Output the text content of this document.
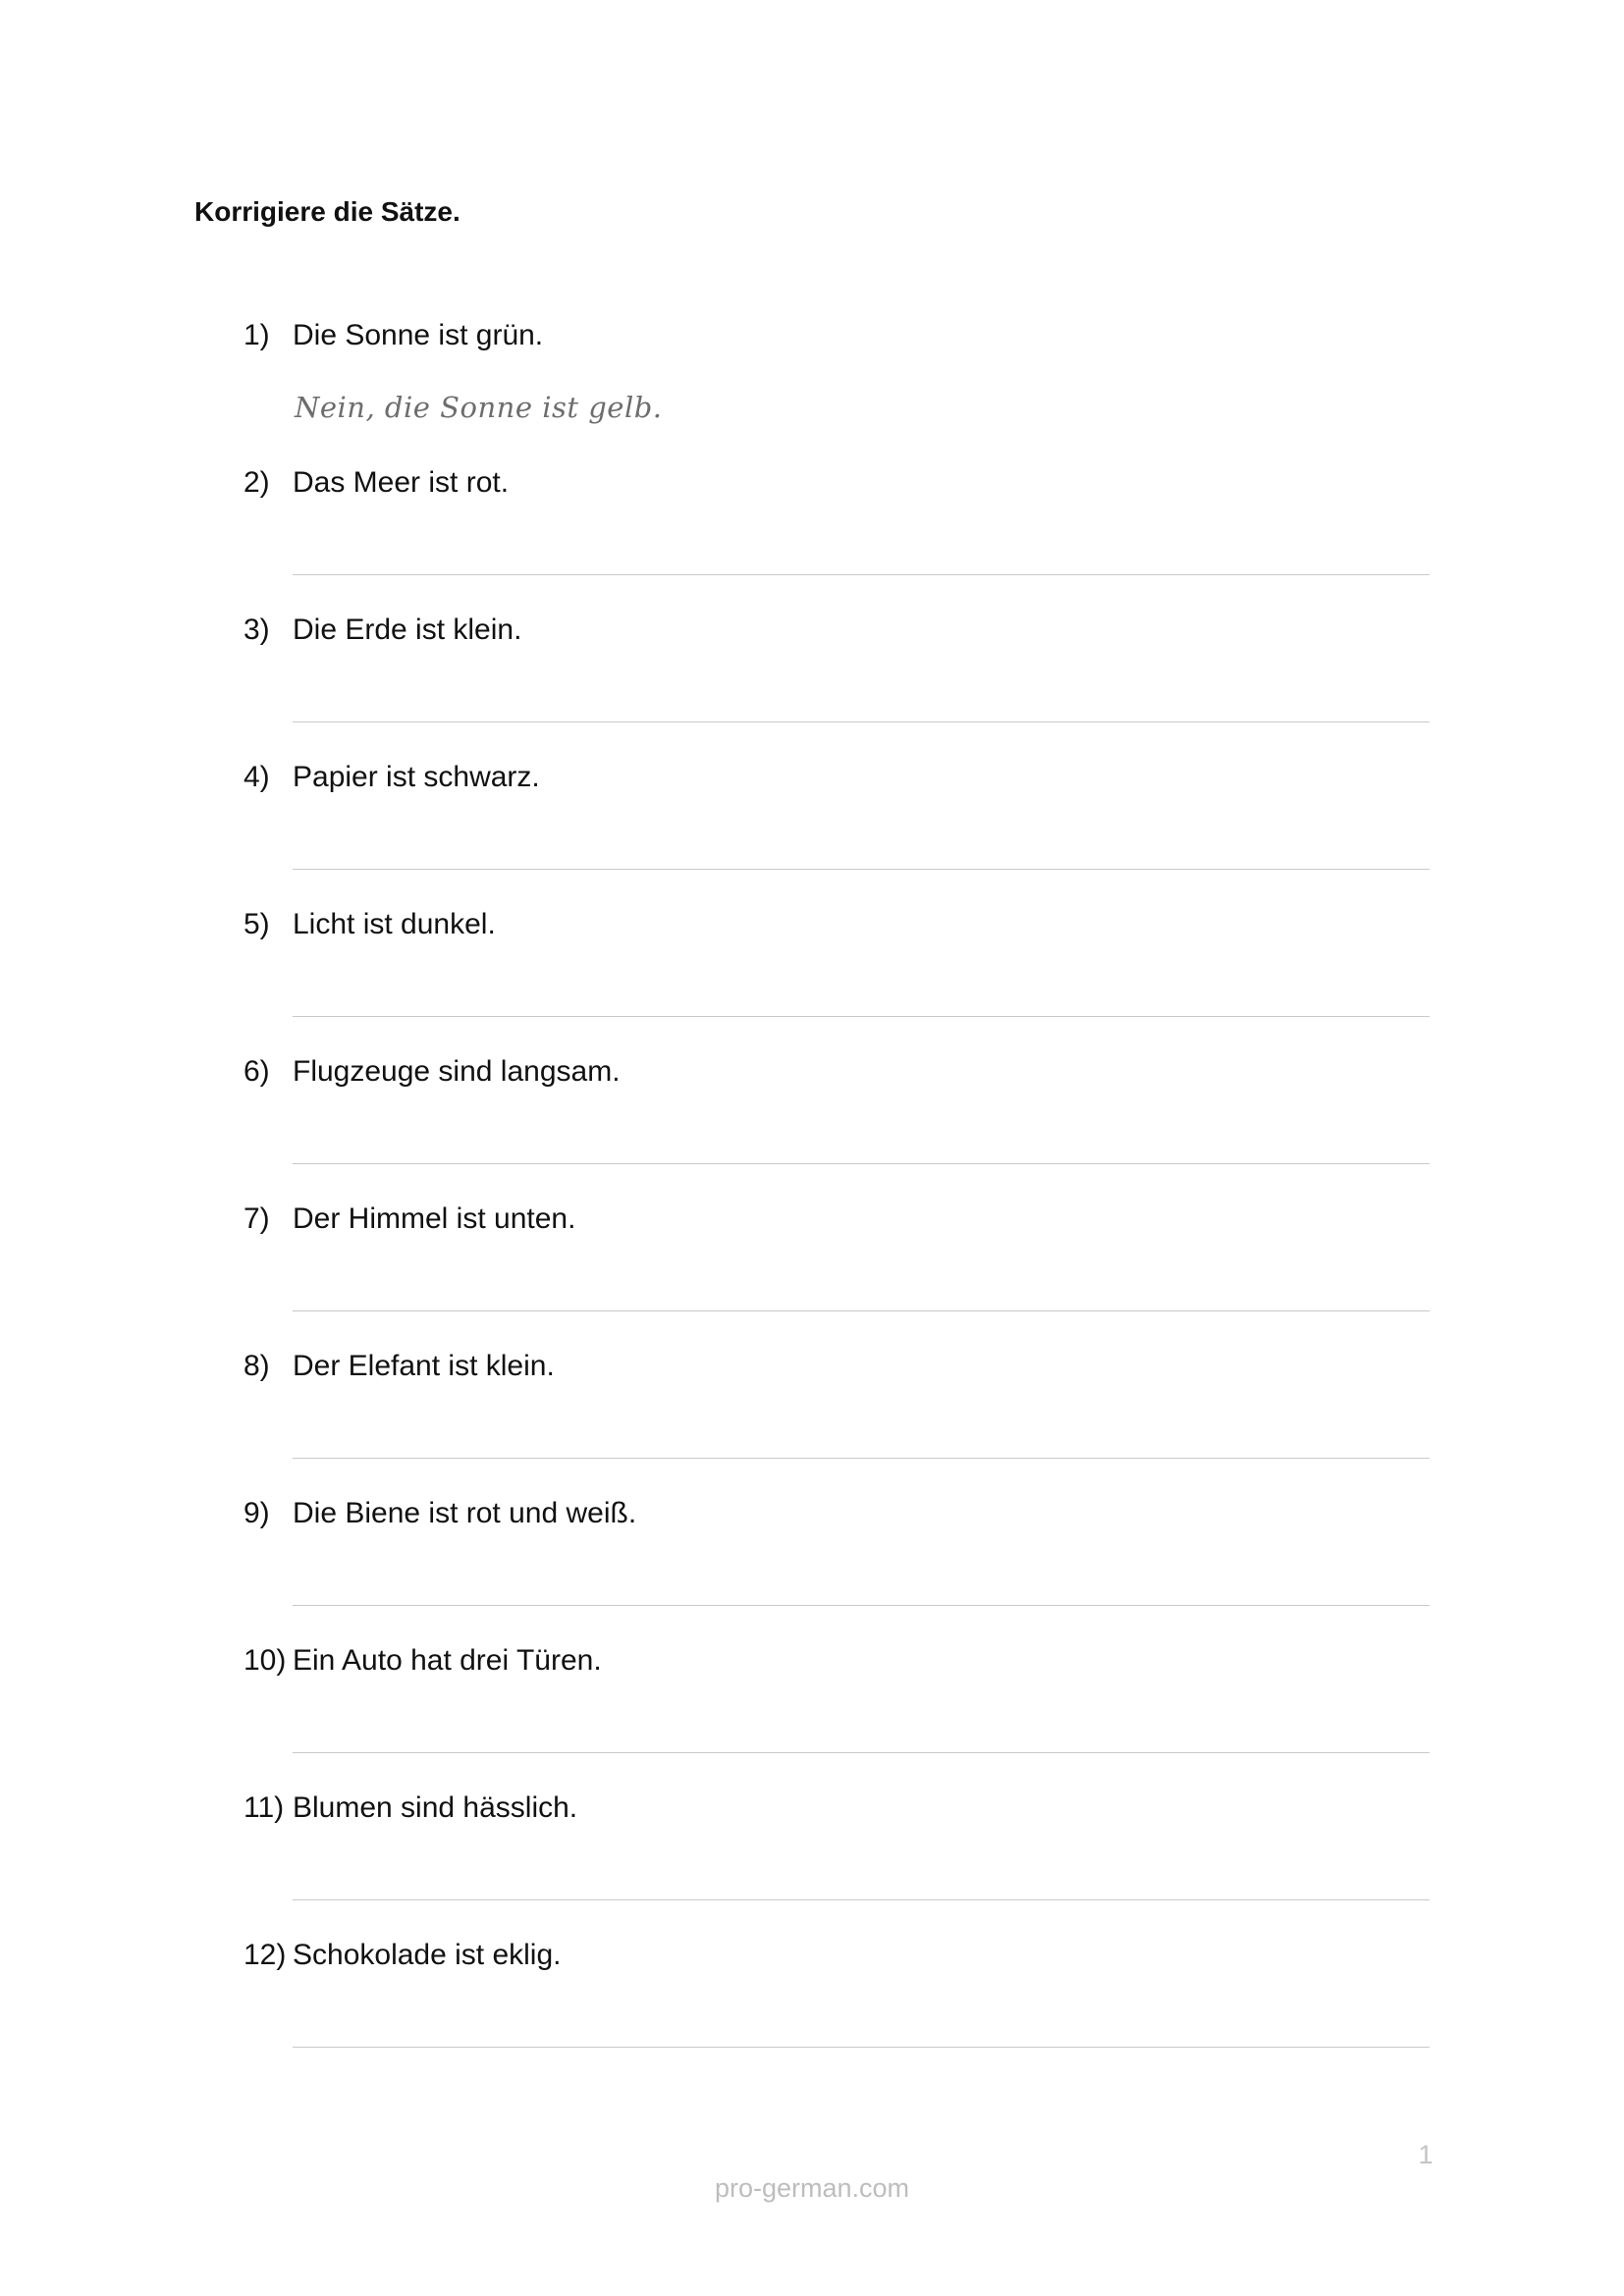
Korrigiere die Sätze.
1) Die Sonne ist grün.
Nein, die Sonne ist gelb.
2) Das Meer ist rot.
3) Die Erde ist klein.
4) Papier ist schwarz.
5) Licht ist dunkel.
6) Flugzeuge sind langsam.
7) Der Himmel ist unten.
8) Der Elefant ist klein.
9) Die Biene ist rot und weiß.
10) Ein Auto hat drei Türen.
11) Blumen sind hässlich.
12) Schokolade ist eklig.
1
pro-german.com
